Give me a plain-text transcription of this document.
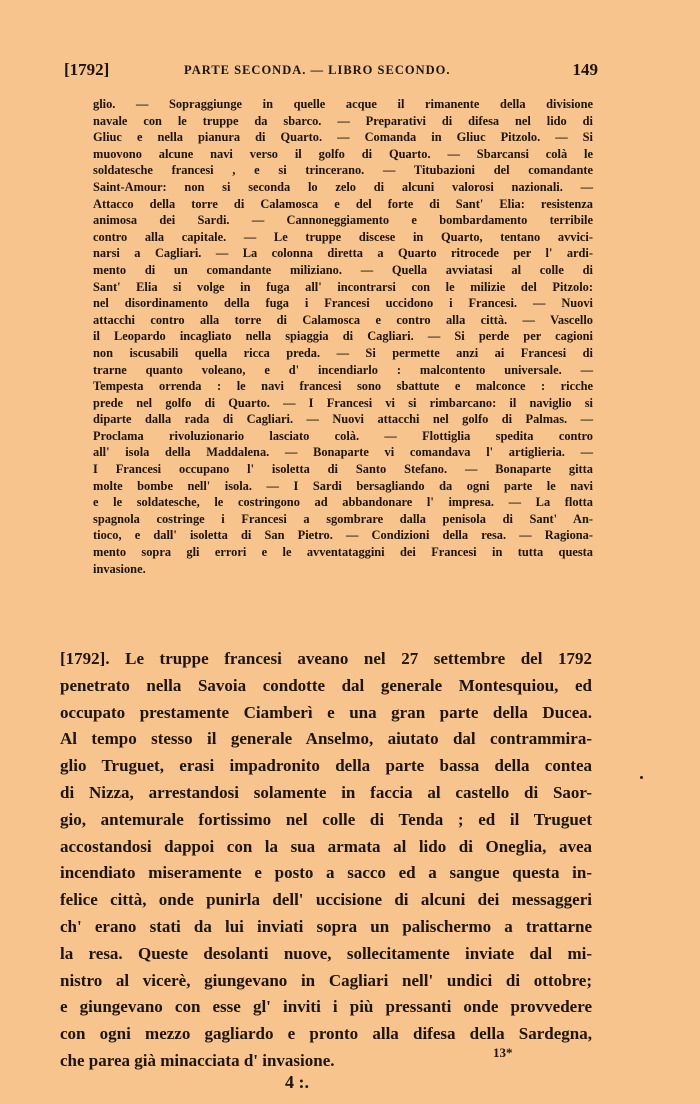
[1792]	PARTE SECONDA. — LIBRO SECONDO.	149
glio. — Sopraggiunge in quelle acque il rimanente della divisione
navale con le truppe da sbarco. — Preparativi di difesa nel lido di
Gliuc e nella pianura di Quarto. — Comanda in Gliuc Pitzolo. — Si
muovono alcune navi verso il golfo di Quarto. — Sbarcansi colà le
soldatesche francesi , e si trincerano. — Titubazioni del comandante
Saint-Amour: non si seconda lo zelo di alcuni valorosi nazionali. —
Attacco della torre di Calamosca e del forte di Sant' Elia: resistenza
animosa dei Sardi. — Cannoneggiamento e bombardamento terribile
contro alla capitale. — Le truppe discese in Quarto, tentano avvici-
narsi a Cagliari. — La colonna diretta a Quarto ritrocede per l' ardi-
mento di un comandante miliziano. — Quella avviatasi al colle di
Sant' Elia si volge in fuga all' incontrarsi con le milizie del Pitzolo:
nel disordinamento della fuga i Francesi uccidono i Francesi. — Nuovi
attacchi contro alla torre di Calamosca e contro alla città. — Vascello
il Leopardo incagliato nella spiaggia di Cagliari. — Si perde per cagioni
non iscusabili quella ricca preda. — Si permette anzi ai Francesi di
trarne quanto voleano, e d' incendiarlo : malcontento universale. —
Tempesta orrenda : le navi francesi sono sbattute e malconce : ricche
prede nel golfo di Quarto. — I Francesi vi si rimbarcano: il naviglio si
diparte dalla rada di Cagliari. — Nuovi attacchi nel golfo di Palmas. —
Proclama rivoluzionario lasciato colà. — Flottiglia spedita contro
all' isola della Maddalena. — Bonaparte vi comandava l' artiglieria. —
I Francesi occupano l' isoletta di Santo Stefano. — Bonaparte gitta
molte bombe nell' isola. — I Sardi bersagliando da ogni parte le navi
e le soldatesche, le costringono ad abbandonare l' impresa. — La flotta
spagnola costringe i Francesi a sgombrare dalla penisola di Sant' An-
tioco, e dall' isoletta di San Pietro. — Condizioni della resa. — Ragiona-
mento sopra gli errori e le avventataggini dei Francesi in tutta questa
invasione.
[1792]. Le truppe francesi aveano nel 27 settembre del 1792
penetrato nella Savoia condotte dal generale Montesquiou, ed
occupato prestamente Ciamberì e una gran parte della Ducea.
Al tempo stesso il generale Anselmo, aiutato dal contrammira-
glio Truguet, erasi impadronito della parte bassa della contea
di Nizza, arrestandosi solamente in faccia al castello di Saor-
gio, antemurale fortissimo nel colle di Tenda ; ed il Truguet
accostandosi dappoi con la sua armata al lido di Oneglia, avea
incendiato miseramente e posto a sacco ed a sangue questa in-
felice città, onde punirla dell' uccisione di alcuni dei messaggeri
ch' erano stati da lui inviati sopra un palischermo a trattarne
la resa. Queste desolanti nuove, sollecitamente inviate dal mi-
nistro al vicerè, giungevano in Cagliari nell' undici di ottobre;
e giungevano con esse gl' inviti i più pressanti onde provvedere
con ogni mezzo gagliardo e pronto alla difesa della Sardegna,
che parea già minacciata d' invasione.	13*
4 :.
